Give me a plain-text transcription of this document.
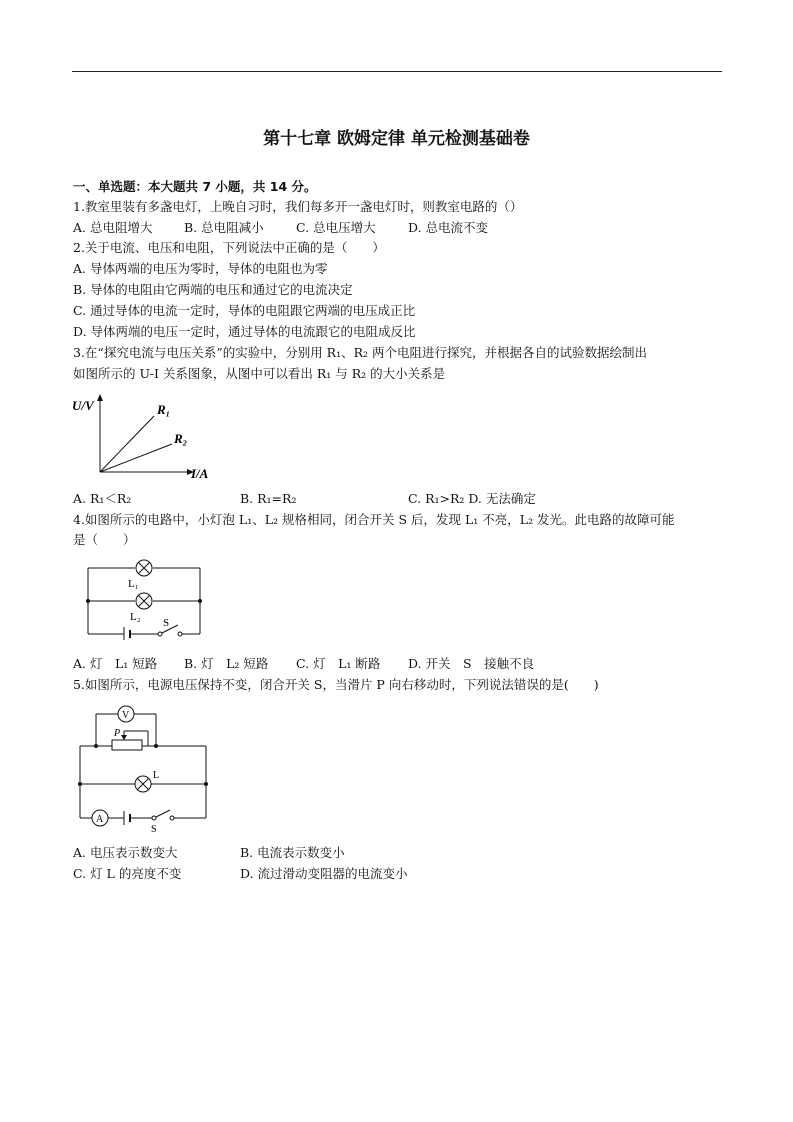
第十七章 欧姆定律 单元检测基础卷
一、单选题：本大题共 7 小题，共 14 分。
1.教室里装有多盏电灯，上晚自习时，我们每多开一盏电灯时，则教室电路的（）
A. 总电阻增大	B. 总电阻减小	C. 总电压增大	D. 总电流不变
2.关于电流、电压和电阻，下列说法中正确的是（　　）
A. 导体两端的电压为零时，导体的电阻也为零
B. 导体的电阻由它两端的电压和通过它的电流决定
C. 通过导体的电流一定时，导体的电阻跟它两端的电压成正比
D. 导体两端的电压一定时，通过导体的电流跟它的电阻成反比
3.在“探究电流与电压关系”的实验中，分别用 R₁、R₂ 两个电阻进行探究，并根据各自的试验数据绘制出
如图所示的 U-I 关系图象，从图中可以看出 R₁ 与 R₂ 的大小关系是
U/V
I/A
R₁
R₂
A. R₁＜R₂	B. R₁=R₂	C. R₁>R₂ D. 无法确定
4.如图所示的电路中，小灯泡 L₁、L₂ 规格相同，闭合开关 S 后，发现 L₁ 不亮，L₂ 发光。此电路的故障可能
是（　　）
L₁
L₂ S
A. 灯　L₁ 短路 B. 灯　L₂ 短路 C. 灯　L₁ 断路 D. 开关　S　接触不良
5.如图所示，电源电压保持不变，闭合开关 S，当滑片 P 向右移动时，下列说法错误的是(　　)
V
P
L
A
S
A. 电压表示数变大	B. 电流表示数变小
C. 灯 L 的亮度不变	D. 流过滑动变阻器的电流变小
